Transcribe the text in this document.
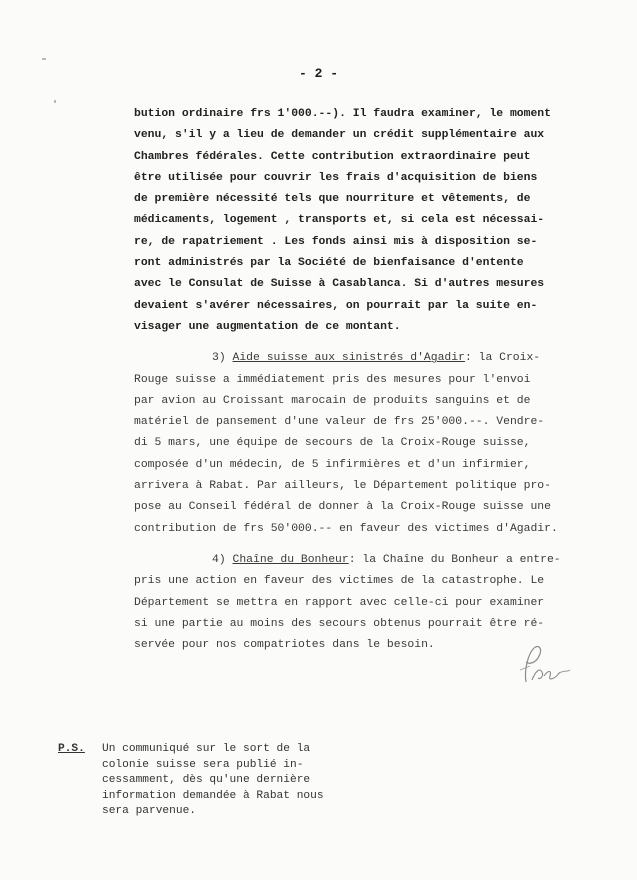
- 2 -
bution ordinaire frs 1'000.--). Il faudra examiner, le moment
venu, s'il y a lieu de demander un crédit supplémentaire aux
Chambres fédérales. Cette contribution extraordinaire peut
être utilisée pour couvrir les frais d'acquisition de biens
de première nécessité tels que nourriture et vêtements, de
médicaments, logement , transports et, si cela est nécessai-
re, de rapatriement . Les fonds ainsi mis à disposition se-
ront administrés par la Société de bienfaisance d'entente
avec le Consulat de Suisse à Casablanca. Si d'autres mesures
devaient s'avérer nécessaires, on pourrait par la suite en-
visager une augmentation de ce montant.
3) Aide suisse aux sinistrés d'Agadir: la Croix-
Rouge suisse a immédiatement pris des mesures pour l'envoi
par avion au Croissant marocain de produits sanguins et de
matériel de pansement d'une valeur de frs 25'000.--. Vendre-
di 5 mars, une équipe de secours de la Croix-Rouge suisse,
composée d'un médecin, de 5 infirmières et d'un infirmier,
arrivera à Rabat. Par ailleurs, le Département politique pro-
pose au Conseil fédéral de donner à la Croix-Rouge suisse une
contribution de frs 50'000.-- en faveur des victimes d'Agadir.
4) Chaîne du Bonheur: la Chaîne du Bonheur a entre-
pris une action en faveur des victimes de la catastrophe. Le
Département se mettra en rapport avec celle-ci pour examiner
si une partie au moins des secours obtenus pourrait être ré-
servée pour nos compatriotes dans le besoin.
P.S. Un communiqué sur le sort de la
colonie suisse sera publié in-
cessamment, dès qu'une dernière
information demandée à Rabat nous
sera parvenue.
